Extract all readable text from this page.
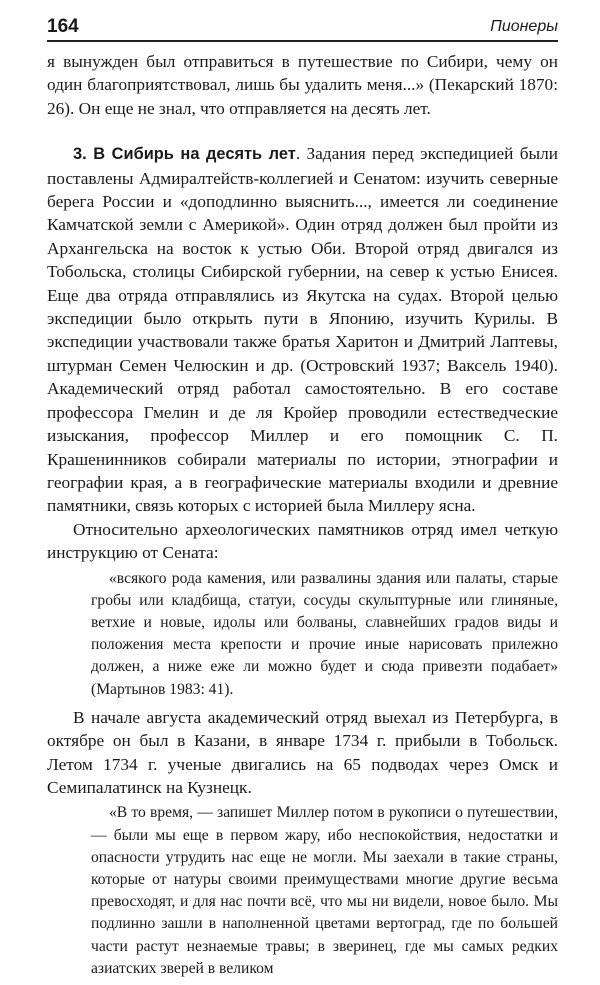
164	Пионеры

я вынужден был отправиться в путешествие по Сибири, чему он один благоприятствовал, лишь бы удалить меня...» (Пекарский 1870: 26). Он еще не знал, что отправляется на десять лет.

3. В Сибирь на десять лет. Задания перед экспедицией были поставлены Адмиралтейств-коллегией и Сенатом: изучить северные берега России и «доподлинно выяснить..., имеется ли соединение Камчатской земли с Америкой». Один отряд должен был пройти из Архангельска на восток к устью Оби. Второй отряд двигался из Тобольска, столицы Сибирской губернии, на север к устью Енисея. Еще два отряда отправлялись из Якутска на судах. Второй целью экспедиции было открыть пути в Японию, изучить Курилы. В экспедиции участвовали также братья Харитон и Дмитрий Лаптевы, штурман Семен Челюскин и др. (Островский 1937; Ваксель 1940). Академический отряд работал самостоятельно. В его составе профессора Гмелин и де ля Кройер проводили естестведческие изыскания, профессор Миллер и его помощник С. П. Крашенинников собирали материалы по истории, этнографии и географии края, а в географические материалы входили и древние памятники, связь которых с историей была Миллеру ясна.

Относительно археологических памятников отряд имел четкую инструкцию от Сената:

«всякого рода камения, или развалины здания или палаты, старые гробы или кладбища, статуи, сосуды скульптурные или глиняные, ветхие и новые, идолы или болваны, славнейших градов виды и положения места крепости и прочие иные нарисовать прилежно должен, а ниже еже ли можно будет и сюда привезти подабает» (Мартынов 1983: 41).

В начале августа академический отряд выехал из Петербурга, в октябре он был в Казани, в январе 1734 г. прибыли в Тобольск. Летом 1734 г. ученые двигались на 65 подводах через Омск и Семипалатинск на Кузнецк.

«В то время, — запишет Миллер потом в рукописи о путешествии, — были мы еще в первом жару, ибо неспокойствия, недостатки и опасности утрудить нас еще не могли. Мы заехали в такие страны, которые от натуры своими преимуществами многие другие весьма превосходят, и для нас почти всё, что мы ни видели, новое было. Мы подлинно зашли в наполненной цветами вертоград, где по большей части растут незнаемые травы; в зверинец, где мы самых редких азиатских зверей в великом
